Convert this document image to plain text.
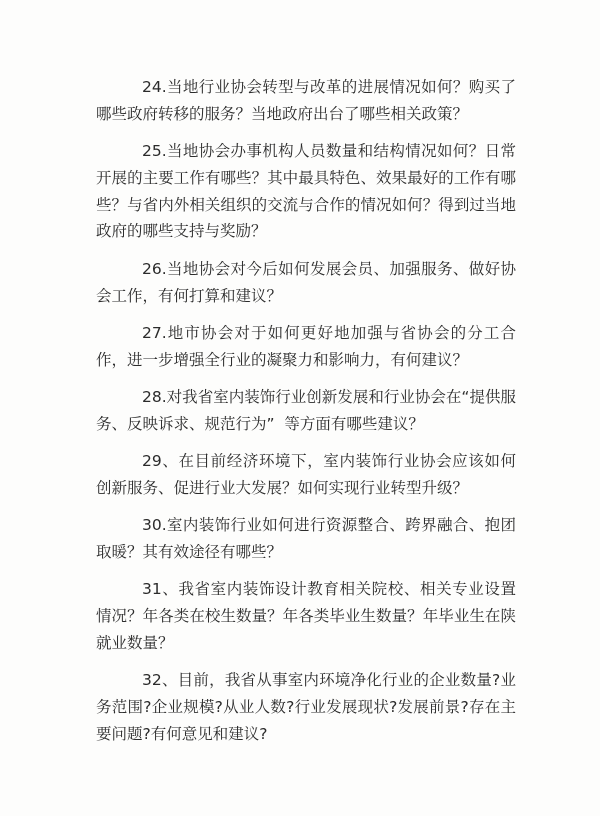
24.当地行业协会转型与改革的进展情况如何？购买了哪些政府转移的服务？当地政府出台了哪些相关政策？

25.当地协会办事机构人员数量和结构情况如何？日常开展的主要工作有哪些？其中最具特色、效果最好的工作有哪些？与省内外相关组织的交流与合作的情况如何？得到过当地政府的哪些支持与奖励？

26.当地协会对今后如何发展会员、加强服务、做好协会工作，有何打算和建议？

27.地市协会对于如何更好地加强与省协会的分工合作，进一步增强全行业的凝聚力和影响力，有何建议？

28.对我省室内装饰行业创新发展和行业协会在“提供服务、反映诉求、规范行为”  等方面有哪些建议？

29、在目前经济环境下，室内装饰行业协会应该如何创新服务、促进行业大发展？如何实现行业转型升级？

30.室内装饰行业如何进行资源整合、跨界融合、抱团取暖？其有效途径有哪些？

31、我省室内装饰设计教育相关院校、相关专业设置情况？年各类在校生数量？年各类毕业生数量？年毕业生在陕就业数量？

32、目前，我省从事室内环境净化行业的企业数量?业务范围?企业规模?从业人数?行业发展现状?发展前景?存在主要问题?有何意见和建议?
